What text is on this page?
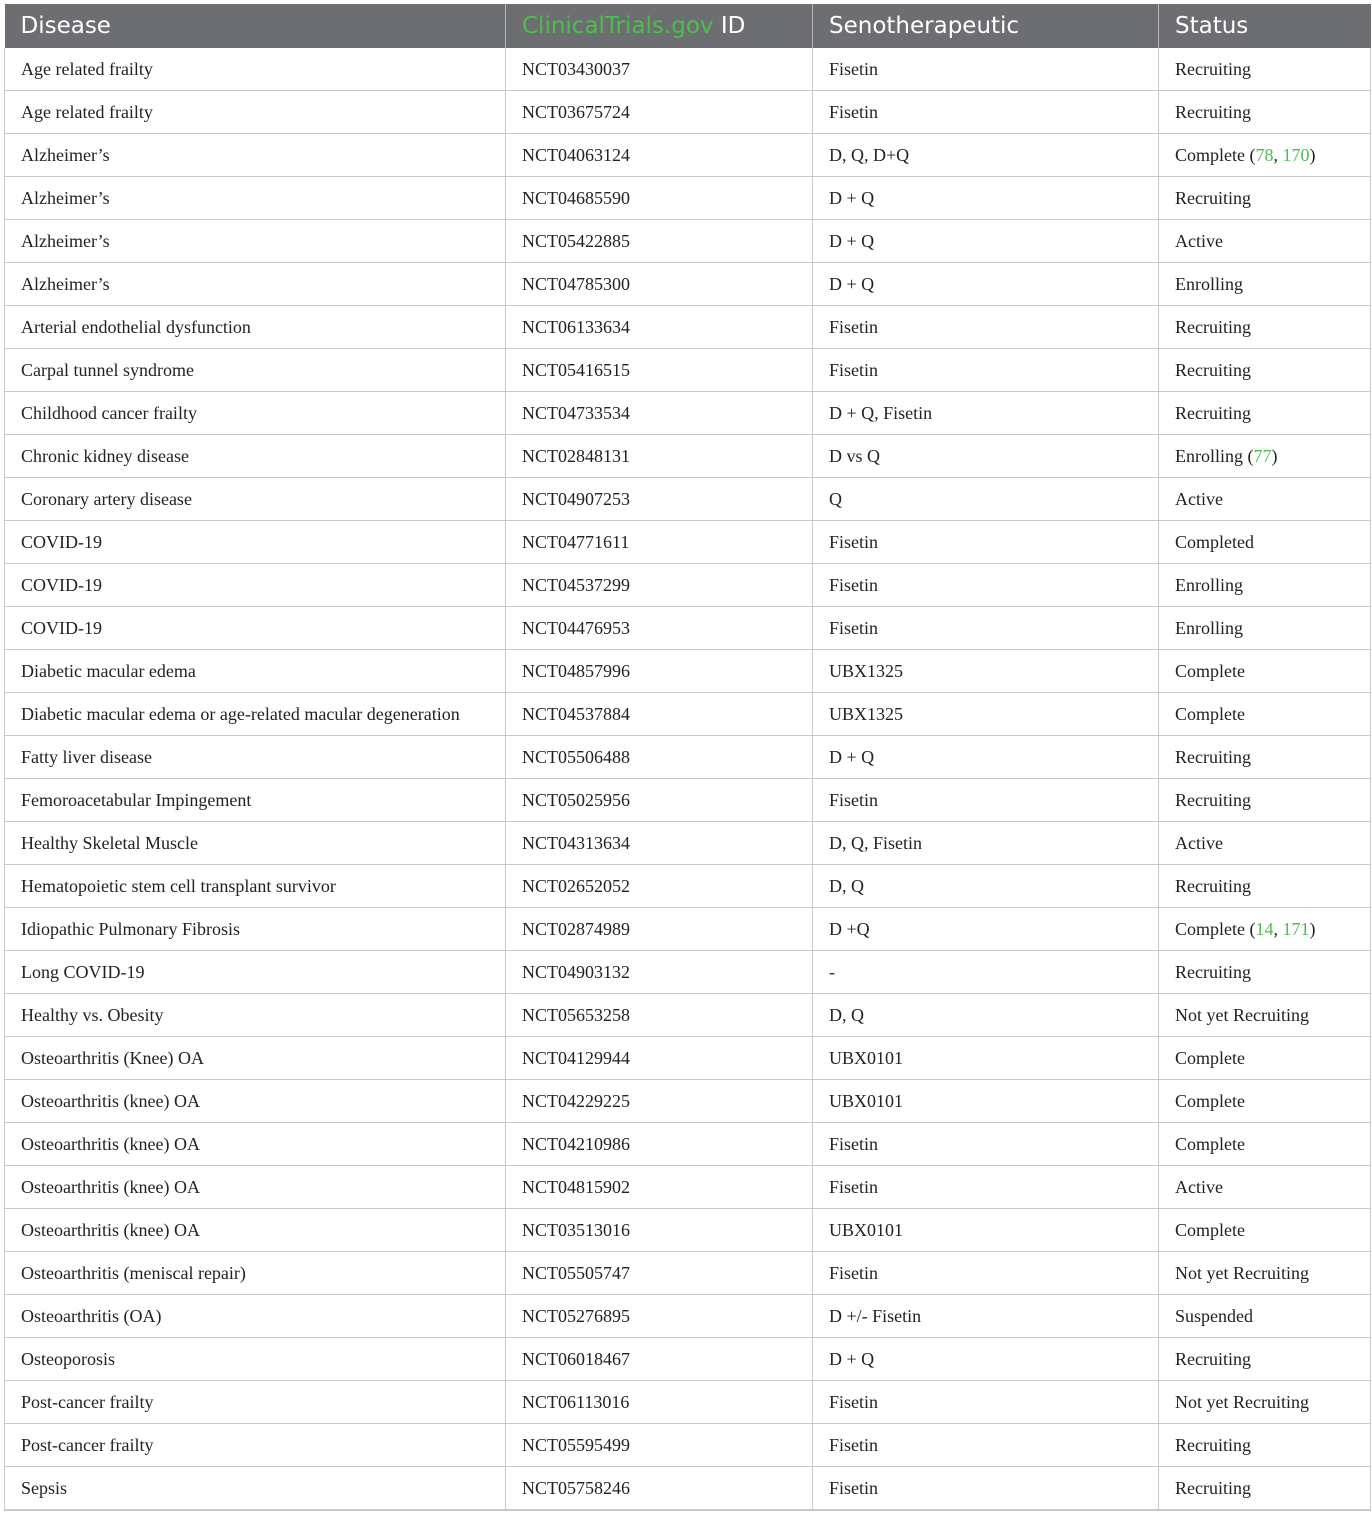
Disease	ClinicalTrials.gov ID	Senotherapeutic	Status
Age related frailty	NCT03430037	Fisetin	Recruiting
Age related frailty	NCT03675724	Fisetin	Recruiting
Alzheimer’s	NCT04063124	D, Q, D+Q	Complete (78, 170)
Alzheimer’s	NCT04685590	D + Q	Recruiting
Alzheimer’s	NCT05422885	D + Q	Active
Alzheimer’s	NCT04785300	D + Q	Enrolling
Arterial endothelial dysfunction	NCT06133634	Fisetin	Recruiting
Carpal tunnel syndrome	NCT05416515	Fisetin	Recruiting
Childhood cancer frailty	NCT04733534	D + Q, Fisetin	Recruiting
Chronic kidney disease	NCT02848131	D vs Q	Enrolling (77)
Coronary artery disease	NCT04907253	Q	Active
COVID-19	NCT04771611	Fisetin	Completed
COVID-19	NCT04537299	Fisetin	Enrolling
COVID-19	NCT04476953	Fisetin	Enrolling
Diabetic macular edema	NCT04857996	UBX1325	Complete
Diabetic macular edema or age-related macular degeneration	NCT04537884	UBX1325	Complete
Fatty liver disease	NCT05506488	D + Q	Recruiting
Femoroacetabular Impingement	NCT05025956	Fisetin	Recruiting
Healthy Skeletal Muscle	NCT04313634	D, Q, Fisetin	Active
Hematopoietic stem cell transplant survivor	NCT02652052	D, Q	Recruiting
Idiopathic Pulmonary Fibrosis	NCT02874989	D +Q	Complete (14, 171)
Long COVID-19	NCT04903132	-	Recruiting
Healthy vs. Obesity	NCT05653258	D, Q	Not yet Recruiting
Osteoarthritis (Knee) OA	NCT04129944	UBX0101	Complete
Osteoarthritis (knee) OA	NCT04229225	UBX0101	Complete
Osteoarthritis (knee) OA	NCT04210986	Fisetin	Complete
Osteoarthritis (knee) OA	NCT04815902	Fisetin	Active
Osteoarthritis (knee) OA	NCT03513016	UBX0101	Complete
Osteoarthritis (meniscal repair)	NCT05505747	Fisetin	Not yet Recruiting
Osteoarthritis (OA)	NCT05276895	D +/- Fisetin	Suspended
Osteoporosis	NCT06018467	D + Q	Recruiting
Post-cancer frailty	NCT06113016	Fisetin	Not yet Recruiting
Post-cancer frailty	NCT05595499	Fisetin	Recruiting
Sepsis	NCT05758246	Fisetin	Recruiting
